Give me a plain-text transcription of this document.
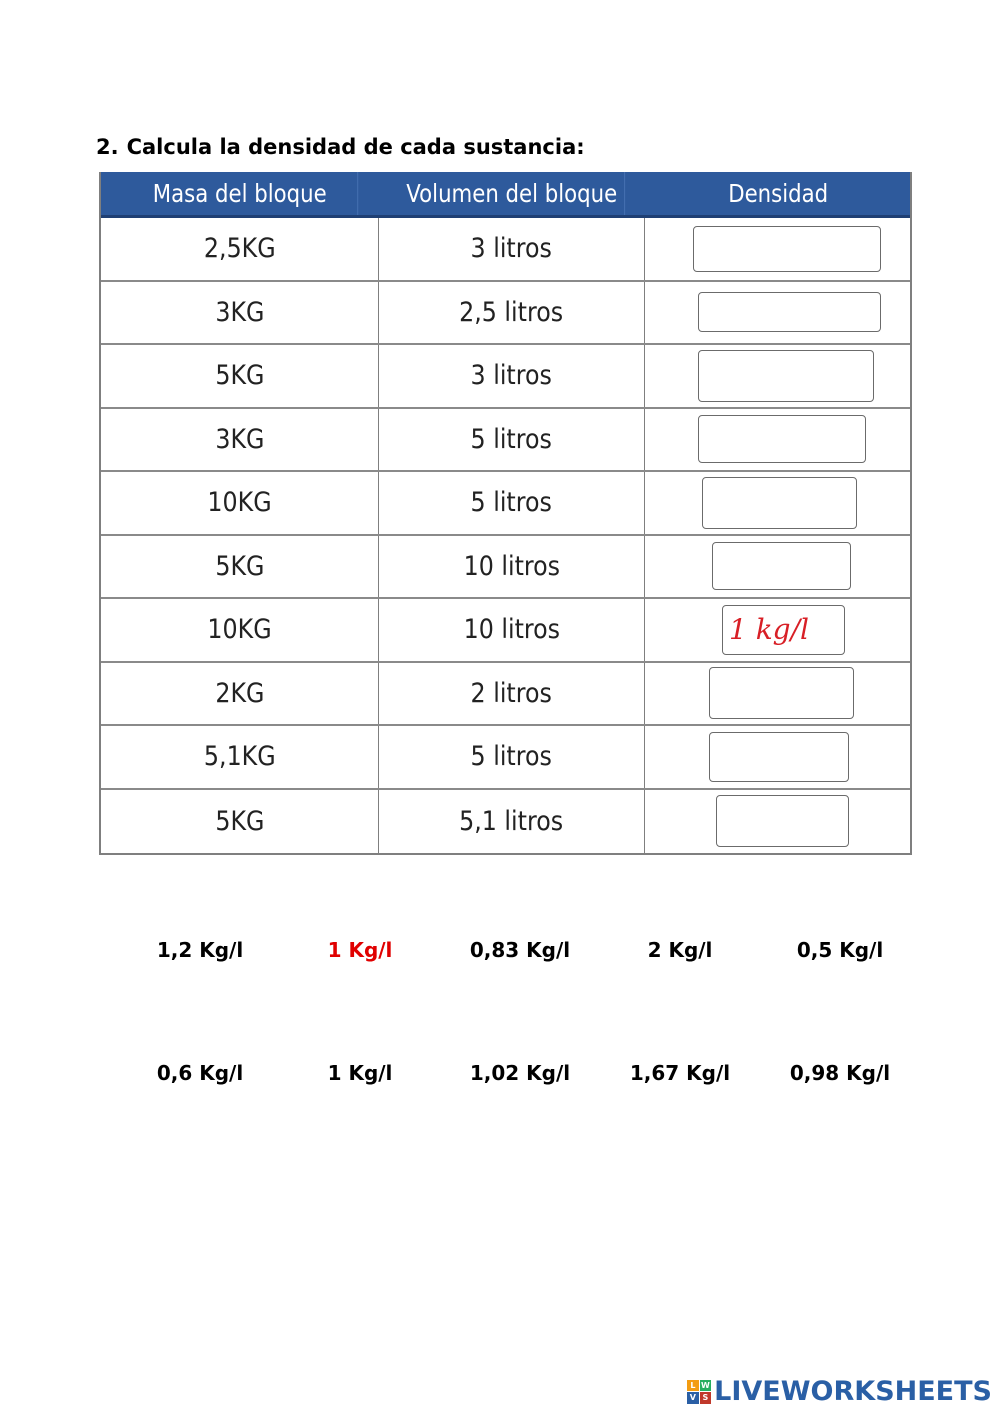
2. Calcula la densidad de cada sustancia:
Masa del bloque	Volumen del bloque	Densidad
2,5KG	3 litros
3KG	2,5 litros
5KG	3 litros
3KG	5 litros
10KG	5 litros
5KG	10 litros
10KG	10 litros	1 kg/l
2KG	2 litros
5,1KG	5 litros
5KG	5,1 litros
1,2 Kg/l	1 Kg/l	0,83 Kg/l	2 Kg/l	0,5 Kg/l
0,6 Kg/l	1 Kg/l	1,02 Kg/l	1,67 Kg/l	0,98 Kg/l
L W
V S LIVEWORKSHEETS
